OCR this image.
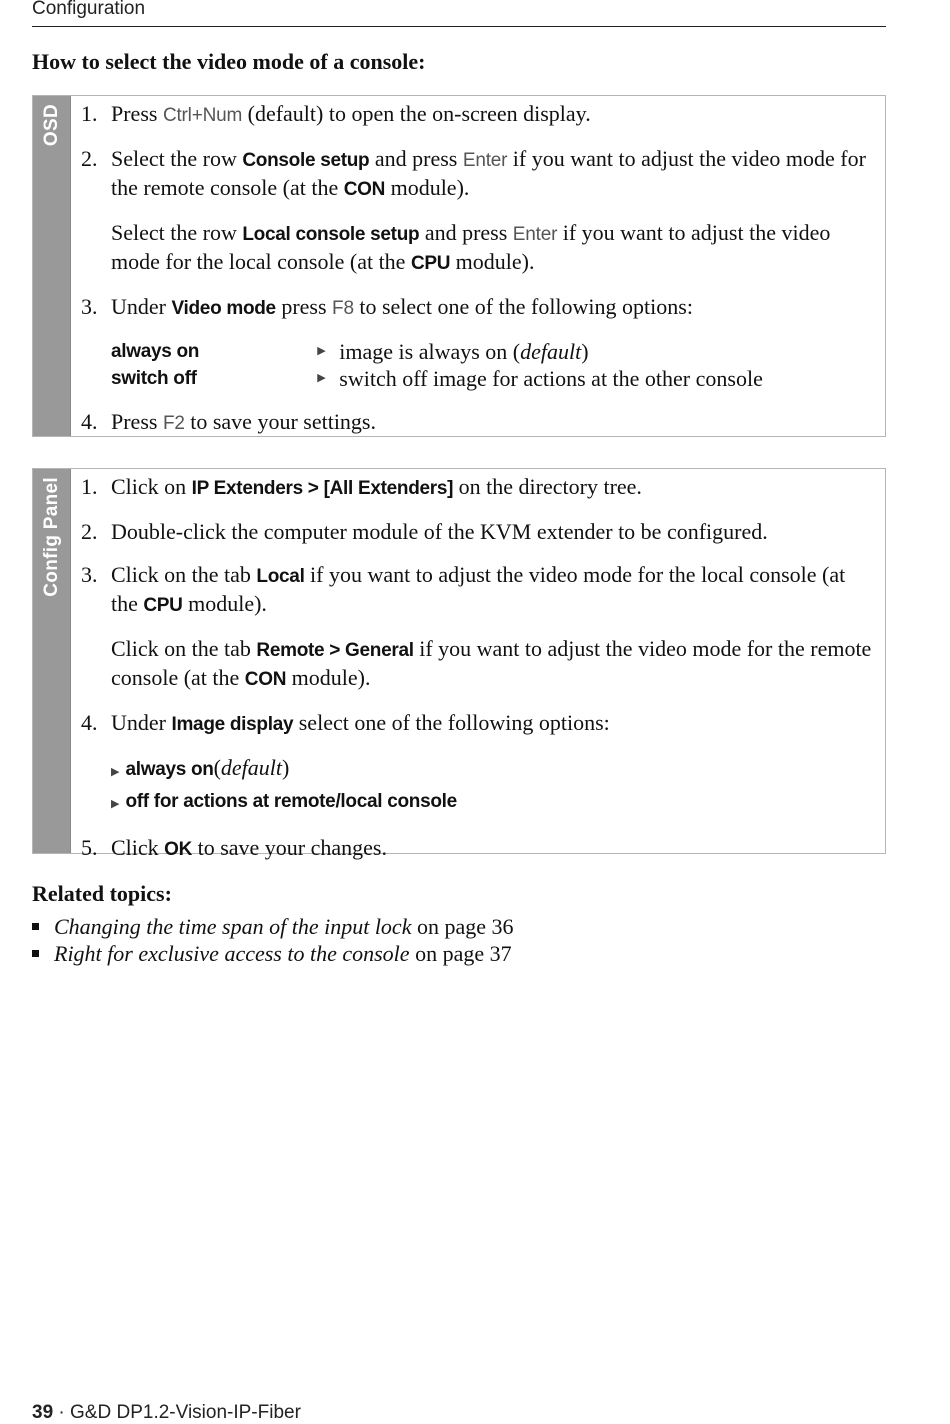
Configuration
How to select the video mode of a console:
OSD 1. Press Ctrl+Num (default) to open the on-screen display.
2. Select the row Console setup and press Enter if you want to adjust the video mode for the remote console (at the CON module).
Select the row Local console setup and press Enter if you want to adjust the video mode for the local console (at the CPU module).
3. Under Video mode press F8 to select one of the following options:
always on	▶ image is always on (default)
switch off	▶ switch off image for actions at the other console
4. Press F2 to save your settings.
Config Panel 1. Click on IP Extenders > [All Extenders] on the directory tree.
2. Double-click the computer module of the KVM extender to be configured.
3. Click on the tab Local if you want to adjust the video mode for the local console (at the CPU module).
Click on the tab Remote > General if you want to adjust the video mode for the remote console (at the CON module).
4. Under Image display select one of the following options:
▶ always on(default)
▶ off for actions at remote/local console
5. Click OK to save your changes.
Related topics:
Changing the time span of the input lock on page 36
Right for exclusive access to the console on page 37
39 · G&D DP1.2-Vision-IP-Fiber
